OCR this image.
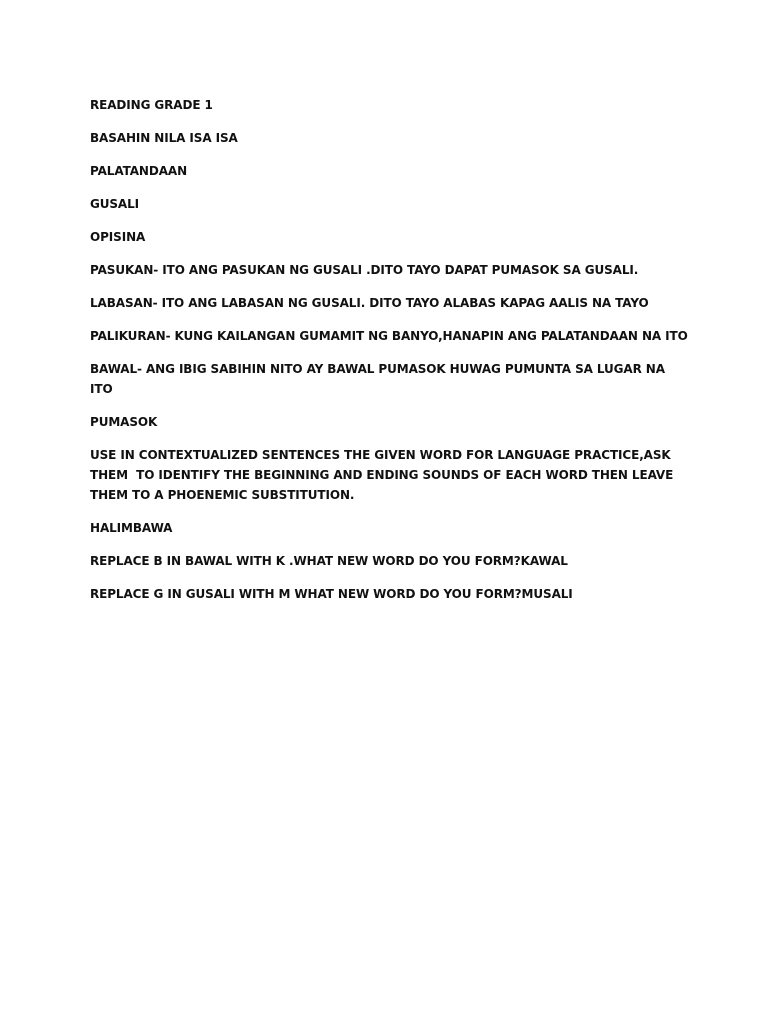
READING GRADE 1

BASAHIN NILA ISA ISA

PALATANDAAN

GUSALI

OPISINA

PASUKAN- ITO ANG PASUKAN NG GUSALI .DITO TAYO DAPAT PUMASOK SA GUSALI.

LABASAN- ITO ANG LABASAN NG GUSALI. DITO TAYO ALABAS KAPAG AALIS NA TAYO

PALIKURAN- KUNG KAILANGAN GUMAMIT NG BANYO,HANAPIN ANG PALATANDAAN NA ITO

BAWAL- ANG IBIG SABIHIN NITO AY BAWAL PUMASOK HUWAG PUMUNTA SA LUGAR NA ITO

PUMASOK

USE IN CONTEXTUALIZED SENTENCES THE GIVEN WORD FOR LANGUAGE PRACTICE,ASK THEM  TO IDENTIFY THE BEGINNING AND ENDING SOUNDS OF EACH WORD THEN LEAVE THEM TO A PHOENEMIC SUBSTITUTION.

HALIMBAWA

REPLACE B IN BAWAL WITH K .WHAT NEW WORD DO YOU FORM?KAWAL

REPLACE G IN GUSALI WITH M WHAT NEW WORD DO YOU FORM?MUSALI
